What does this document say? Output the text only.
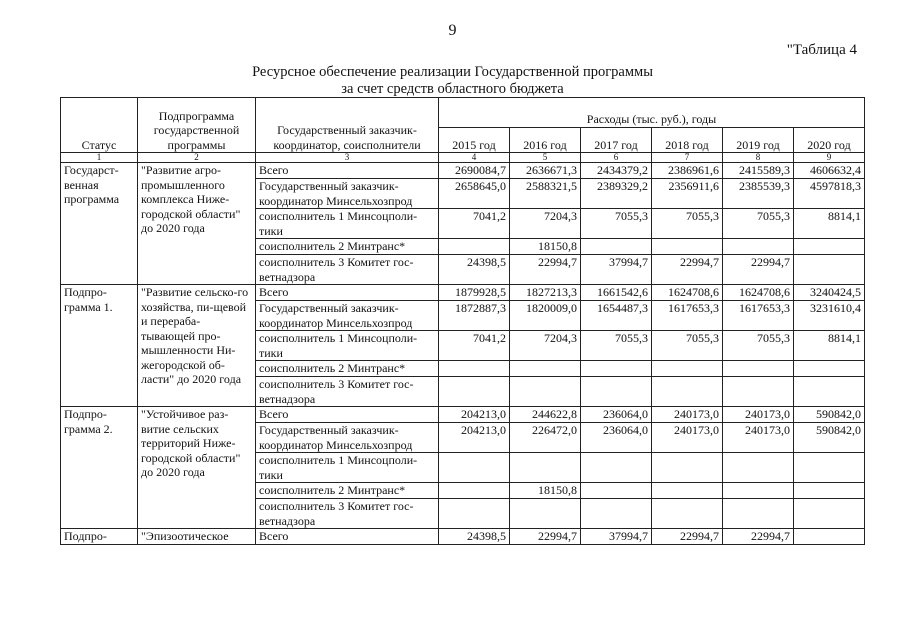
9
"Таблица 4
Ресурсное обеспечение реализации Государственной программы
за счет средств областного бюджета
Статус	Подпрограмма государственной программы	Государственный заказчик-координатор, соисполнители	Расходы (тыс. руб.), годы					
			2015 год	2016 год	2017 год	2018 год	2019 год	2020 год
1	2	3	4	5	6	7	8	9
Государст-венная программа	"Развитие агро-промышленного комплекса Ниже-городской области" до 2020 года	Всего	2690084,7	2636671,3	2434379,2	2386961,6	2415589,3	4606632,4
		Государственный заказчик-координатор Минсельхозпрод	2658645,0	2588321,5	2389329,2	2356911,6	2385539,3	4597818,3
		соисполнитель 1 Минсоцполи-тики	7041,2	7204,3	7055,3	7055,3	7055,3	8814,1
		соисполнитель 2 Минтранс*		18150,8				
		соисполнитель 3 Комитет гос-ветнадзора	24398,5	22994,7	37994,7	22994,7	22994,7	
Подпро-грамма 1.	"Развитие сельско-го хозяйства, пи-щевой и перераба-тывающей про-мышленности Ни-жегородской об-ласти" до 2020 года	Всего	1879928,5	1827213,3	1661542,6	1624708,6	1624708,6	3240424,5
		Государственный заказчик-координатор Минсельхозпрод	1872887,3	1820009,0	1654487,3	1617653,3	1617653,3	3231610,4
		соисполнитель 1 Минсоцполи-тики	7041,2	7204,3	7055,3	7055,3	7055,3	8814,1
		соисполнитель 2 Минтранс*						
		соисполнитель 3 Комитет гос-ветнадзора						
Подпро-грамма 2.	"Устойчивое раз-витие сельских территорий Ниже-городской области" до 2020 года	Всего	204213,0	244622,8	236064,0	240173,0	240173,0	590842,0
		Государственный заказчик-координатор Минсельхозпрод	204213,0	226472,0	236064,0	240173,0	240173,0	590842,0
		соисполнитель 1 Минсоцполи-тики						
		соисполнитель 2 Минтранс*		18150,8				
		соисполнитель 3 Комитет гос-ветнадзора						
Подпро-	"Эпизоотическое	Всего	24398,5	22994,7	37994,7	22994,7	22994,7	
